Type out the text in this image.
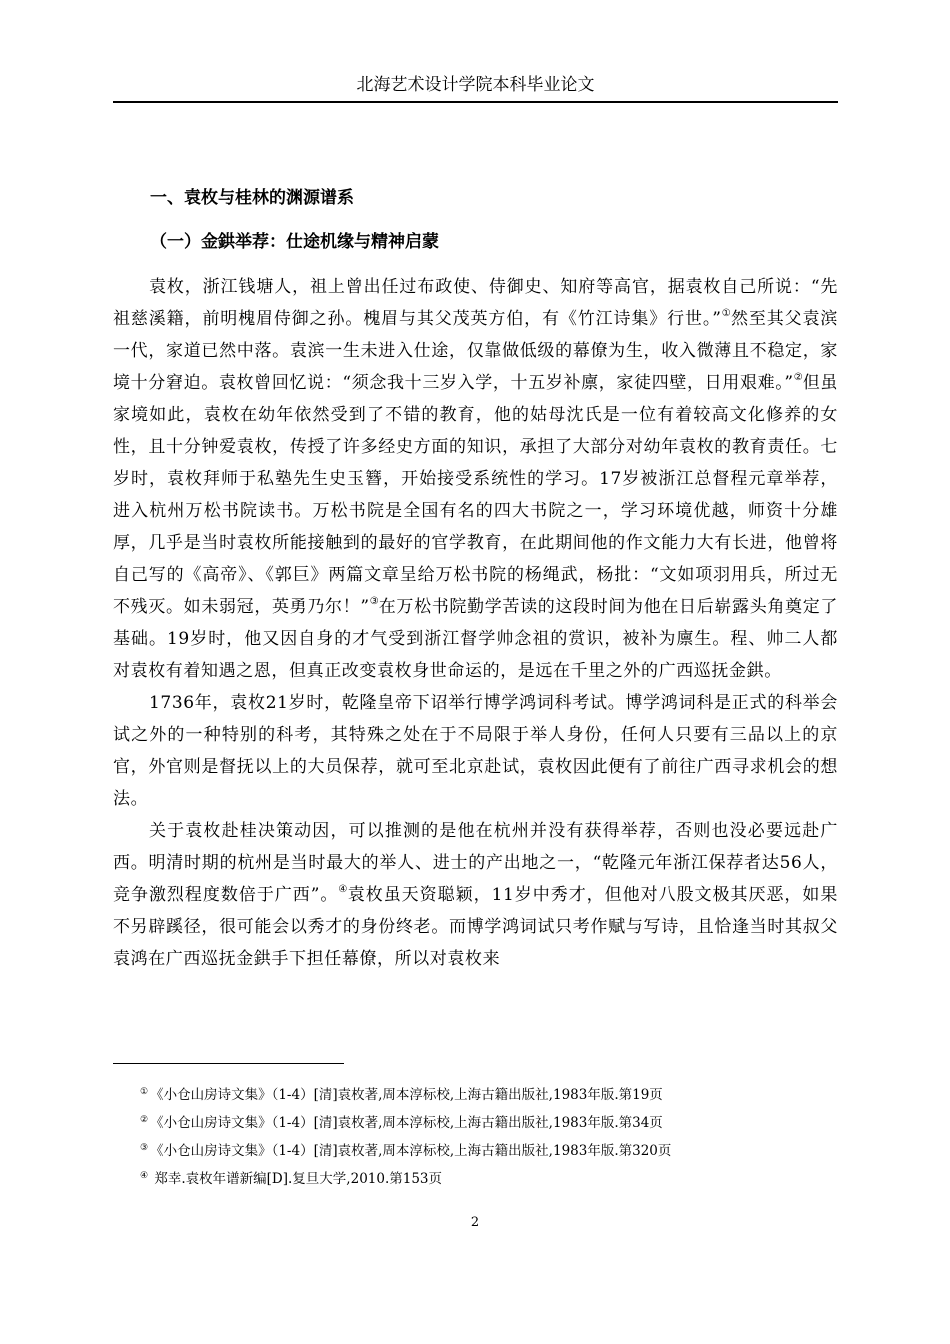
北海艺术设计学院本科毕业论文
一、袁枚与桂林的渊源谱系
（一）金鉷举荐：仕途机缘与精神启蒙

袁枚，浙江钱塘人，祖上曾出任过布政使、侍御史、知府等高官，据袁枚自己所说：“先祖慈溪籍，前明槐眉侍御之孙。槐眉与其父茂英方伯，有《竹江诗集》行世。”①然至其父袁滨一代，家道已然中落。袁滨一生未进入仕途，仅靠做低级的幕僚为生，收入微薄且不稳定，家境十分窘迫。袁枚曾回忆说：“须念我十三岁入学，十五岁补廪，家徒四壁，日用艰难。”②但虽家境如此，袁枚在幼年依然受到了不错的教育，他的姑母沈氏是一位有着较高文化修养的女性，且十分钟爱袁枚，传授了许多经史方面的知识，承担了大部分对幼年袁枚的教育责任。七岁时，袁枚拜师于私塾先生史玉簪，开始接受系统性的学习。17岁被浙江总督程元章举荐，进入杭州万松书院读书。万松书院是全国有名的四大书院之一，学习环境优越，师资十分雄厚，几乎是当时袁枚所能接触到的最好的官学教育，在此期间他的作文能力大有长进，他曾将自己写的《高帝》、《郭巨》两篇文章呈给万松书院的杨绳武，杨批：“文如项羽用兵，所过无不残灭。如未弱冠，英勇乃尔！”③在万松书院勤学苦读的这段时间为他在日后崭露头角奠定了基础。19岁时，他又因自身的才气受到浙江督学帅念祖的赏识，被补为廪生。程、帅二人都对袁枚有着知遇之恩，但真正改变袁枚身世命运的，是远在千里之外的广西巡抚金鉷。

1736年，袁枚21岁时，乾隆皇帝下诏举行博学鸿词科考试。博学鸿词科是正式的科举会试之外的一种特别的科考，其特殊之处在于不局限于举人身份，任何人只要有三品以上的京官，外官则是督抚以上的大员保荐，就可至北京赴试，袁枚因此便有了前往广西寻求机会的想法。

关于袁枚赴桂决策动因，可以推测的是他在杭州并没有获得举荐，否则也没必要远赴广西。明清时期的杭州是当时最大的举人、进士的产出地之一，“乾隆元年浙江保荐者达56人，竞争激烈程度数倍于广西”。④袁枚虽天资聪颖，11岁中秀才，但他对八股文极其厌恶，如果不另辟蹊径，很可能会以秀才的身份终老。而博学鸿词试只考作赋与写诗，且恰逢当时其叔父袁鸿在广西巡抚金鉷手下担任幕僚，所以对袁枚来

① 《小仓山房诗文集》（1-4）[清]袁枚著,周本淳标校,上海古籍出版社,1983年版.第19页
② 《小仓山房诗文集》（1-4）[清]袁枚著,周本淳标校,上海古籍出版社,1983年版.第34页
③ 《小仓山房诗文集》（1-4）[清]袁枚著,周本淳标校,上海古籍出版社,1983年版.第320页
④ 郑幸.袁枚年谱新编[D].复旦大学,2010.第153页
2
